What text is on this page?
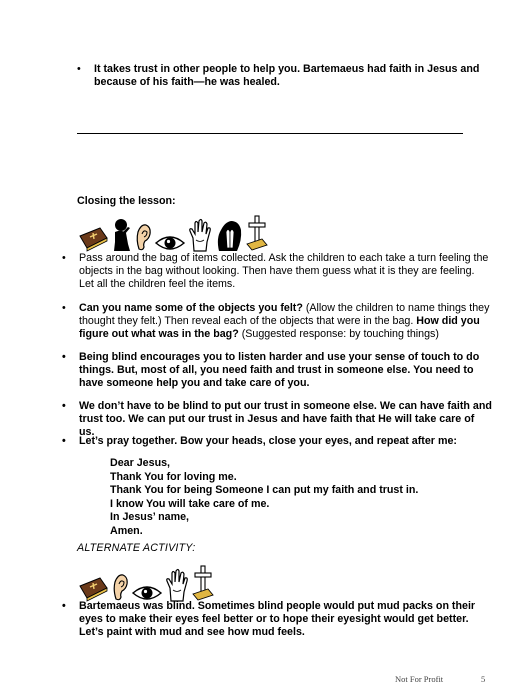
•	It takes trust in other people to help you. Bartemaeus had faith in Jesus and because of his faith—he was healed.
Closing the lesson:
•	Pass around the bag of items collected. Ask the children to each take a turn feeling the objects in the bag without looking. Then have them guess what it is they are feeling. Let all the children feel the items.
•	Can you name some of the objects you felt? (Allow the children to name things they thought they felt.) Then reveal each of the objects that were in the bag. How did you figure out what was in the bag? (Suggested response: by touching things)
•	Being blind encourages you to listen harder and use your sense of touch to do things. But, most of all, you need faith and trust in someone else. You need to have someone help you and take care of you.
•	We don’t have to be blind to put our trust in someone else. We can have faith and trust too. We can put our trust in Jesus and have faith that He will take care of us.
•	Let’s pray together. Bow your heads, close your eyes, and repeat after me:
Dear Jesus,
Thank You for loving me.
Thank You for being Someone I can put my faith and trust in.
I know You will take care of me.
In Jesus’ name,
Amen.
ALTERNATE ACTIVITY:
•	Bartemaeus was blind. Sometimes blind people would put mud packs on their eyes to make their eyes feel better or to hope their eyesight would get better. Let’s paint with mud and see how mud feels.
Not For Profit	5
